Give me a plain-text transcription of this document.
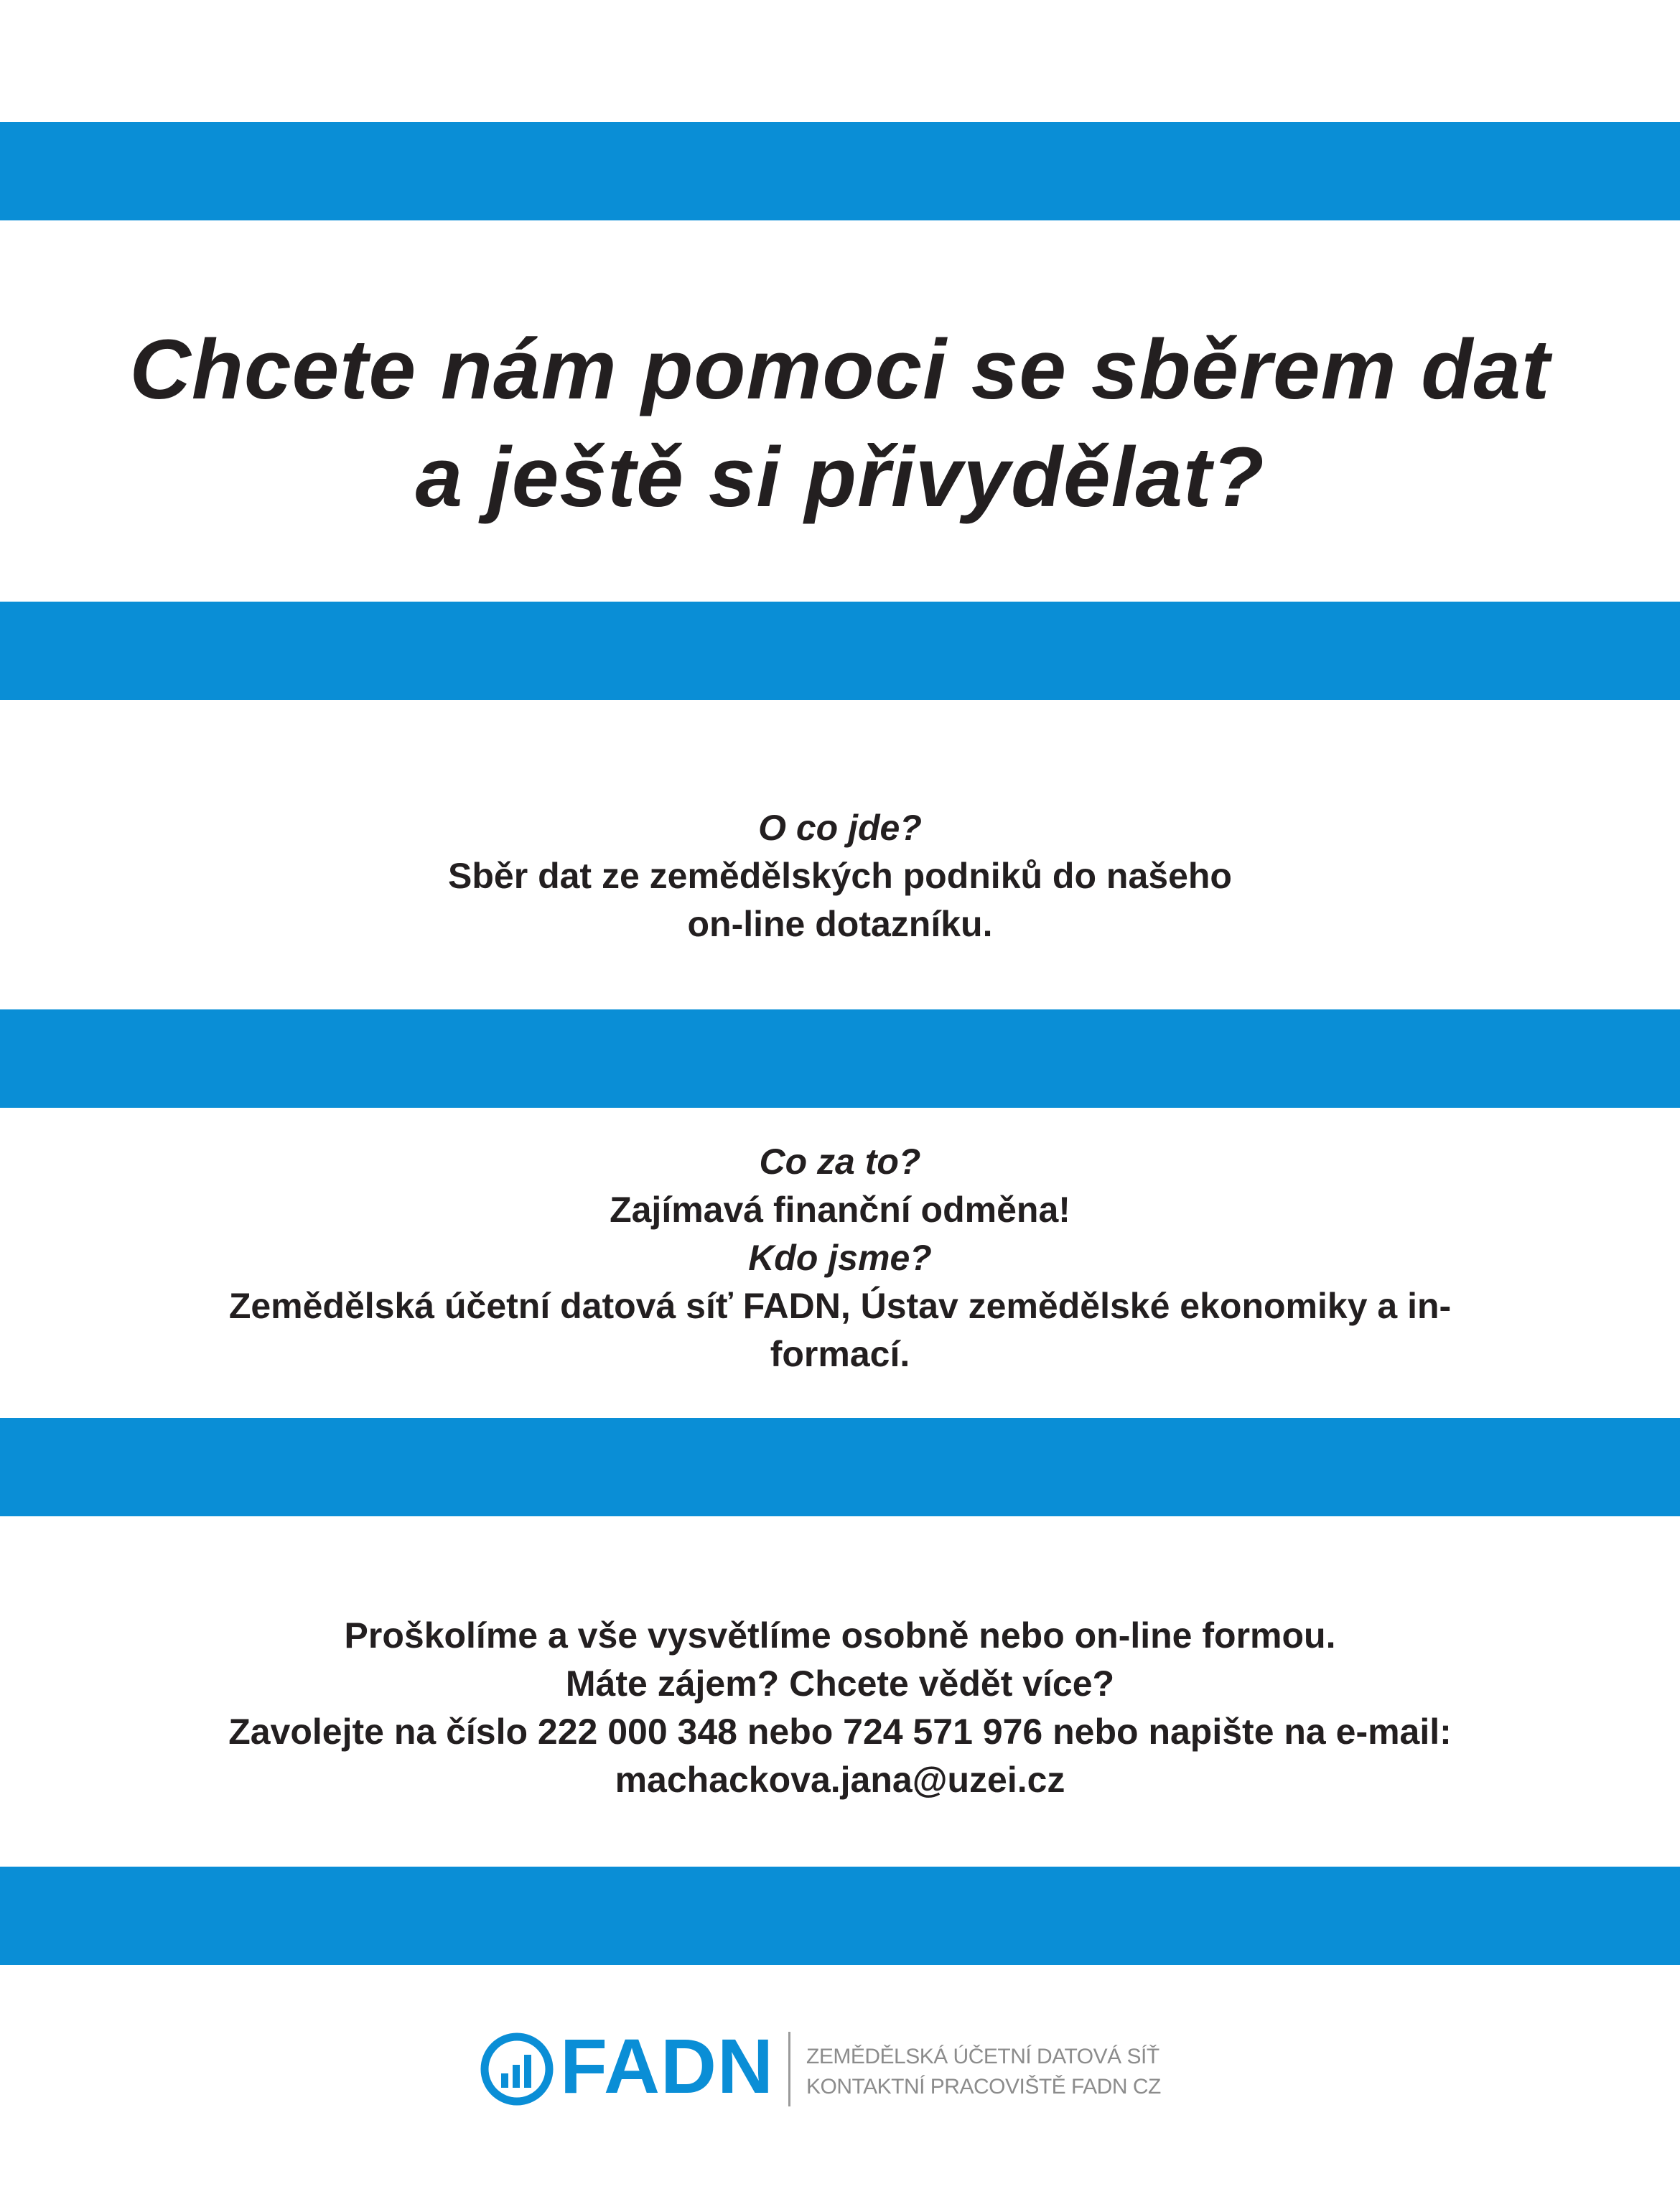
Chcete nám pomoci se sběrem dat
a ještě si přivydělat?
O co jde?
Sběr dat ze zemědělských podniků do našeho
on-line dotazníku.
Co za to?
Zajímavá finanční odměna!
Kdo jsme?
Zemědělská účetní datová síť FADN, Ústav zemědělské ekonomiky a in-
formací.
Proškolíme a vše vysvětlíme osobně nebo on-line formou.
Máte zájem? Chcete vědět více?
Zavolejte na číslo 222 000 348 nebo 724 571 976 nebo napište na e-mail:
machackova.jana@uzei.cz
FADN ZEMĚDĚLSKÁ ÚČETNÍ DATOVÁ SÍŤ
KONTAKTNÍ PRACOVIŠTĚ FADN CZ
